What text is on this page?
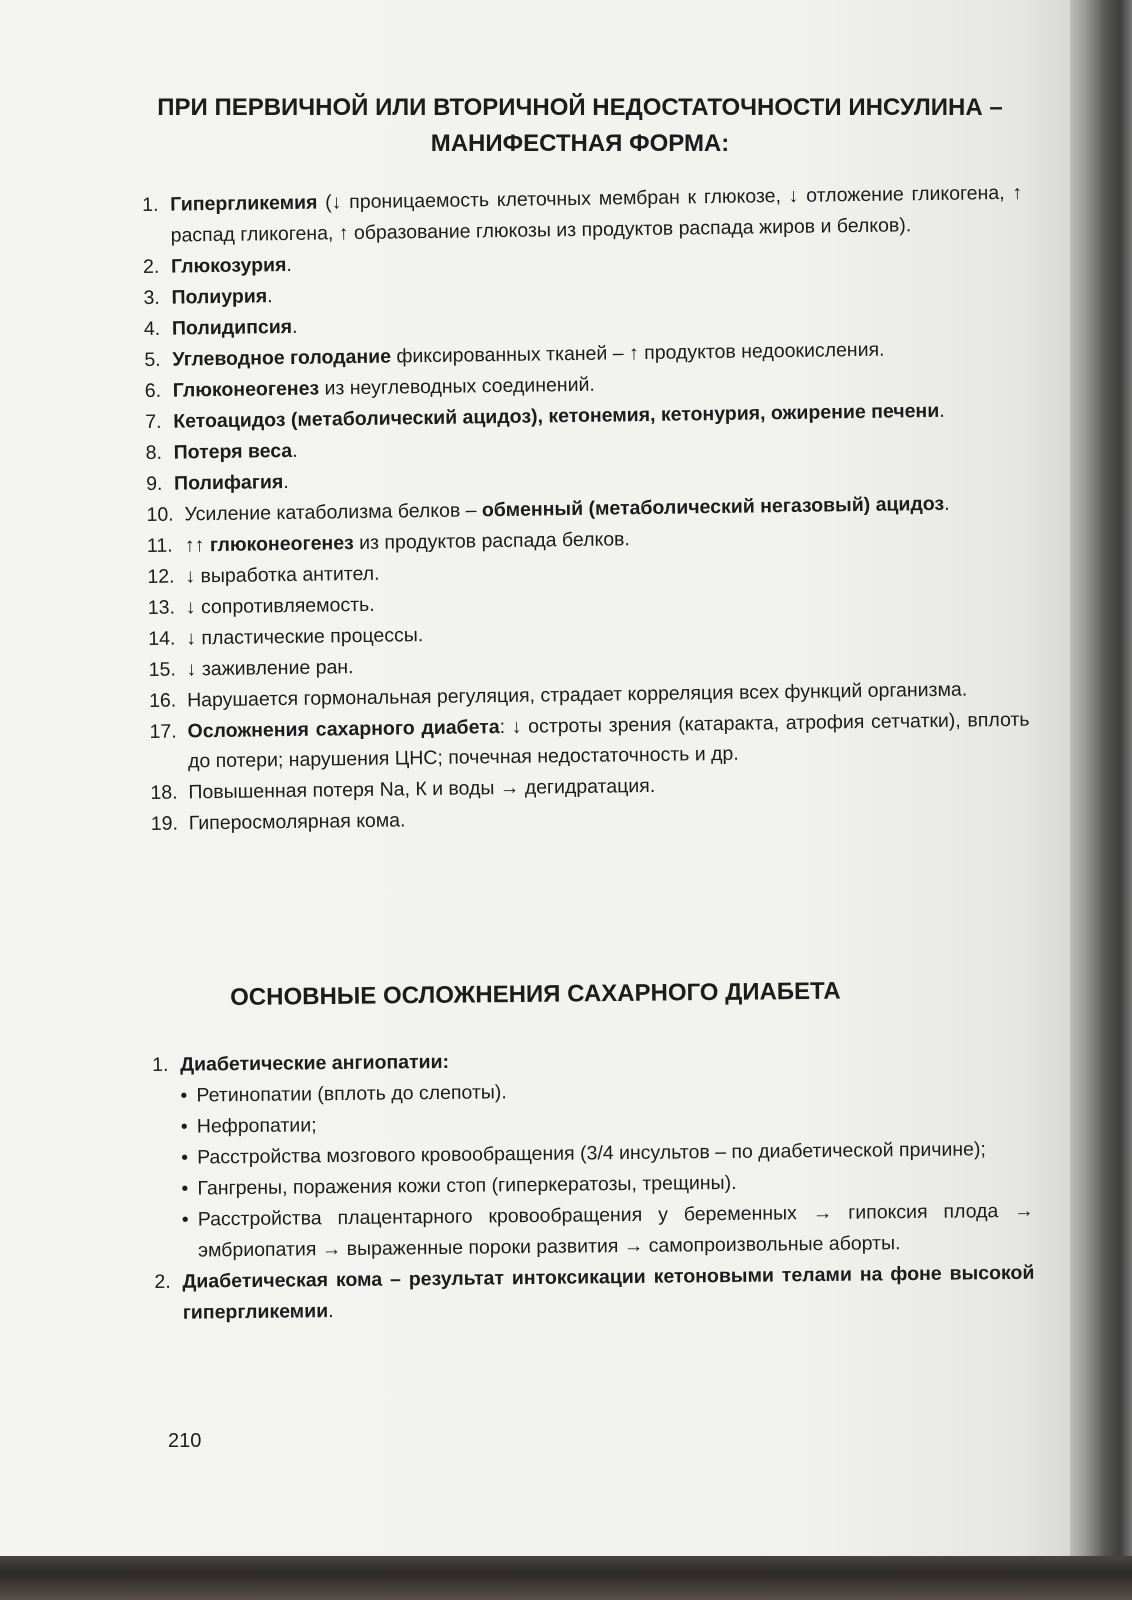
ПРИ ПЕРВИЧНОЙ ИЛИ ВТОРИЧНОЙ НЕДОСТАТОЧНОСТИ ИНСУЛИНА – МАНИФЕСТНАЯ ФОРМА:
1. Гипергликемия (↓ проницаемость клеточных мембран к глюкозе, ↓ отложение гликогена, ↑ распад гликогена, ↑ образование глюкозы из продуктов распада жиров и белков).
2. Глюкозурия.
3. Полиурия.
4. Полидипсия.
5. Углеводное голодание фиксированных тканей – ↑ продуктов недоокисления.
6. Глюконеогенез из неуглеводных соединений.
7. Кетоацидоз (метаболический ацидоз), кетонемия, кетонурия, ожирение печени.
8. Потеря веса.
9. Полифагия.
10. Усиление катаболизма белков – обменный (метаболический негазовый) ацидоз.
11. ↑↑ глюконеогенез из продуктов распада белков.
12. ↓ выработка антител.
13. ↓ сопротивляемость.
14. ↓ пластические процессы.
15. ↓ заживление ран.
16. Нарушается гормональная регуляция, страдает корреляция всех функций организма.
17. Осложнения сахарного диабета: ↓ остроты зрения (катаракта, атрофия сетчатки), вплоть до потери; нарушения ЦНС; почечная недостаточность и др.
18. Повышенная потеря Na, К и воды → дегидратация.
19. Гиперосмолярная кома.
ОСНОВНЫЕ ОСЛОЖНЕНИЯ САХАРНОГО ДИАБЕТА
1. Диабетические ангиопатии:
• Ретинопатии (вплоть до слепоты).
• Нефропатии;
• Расстройства мозгового кровообращения (3/4 инсультов – по диабетической причине);
• Гангрены, поражения кожи стоп (гиперкератозы, трещины).
• Расстройства плацентарного кровообращения у беременных → гипоксия плода → эмбриопатия → выраженные пороки развития → самопроизвольные аборты.
2. Диабетическая кома – результат интоксикации кетоновыми телами на фоне высокой гипергликемии.
210
